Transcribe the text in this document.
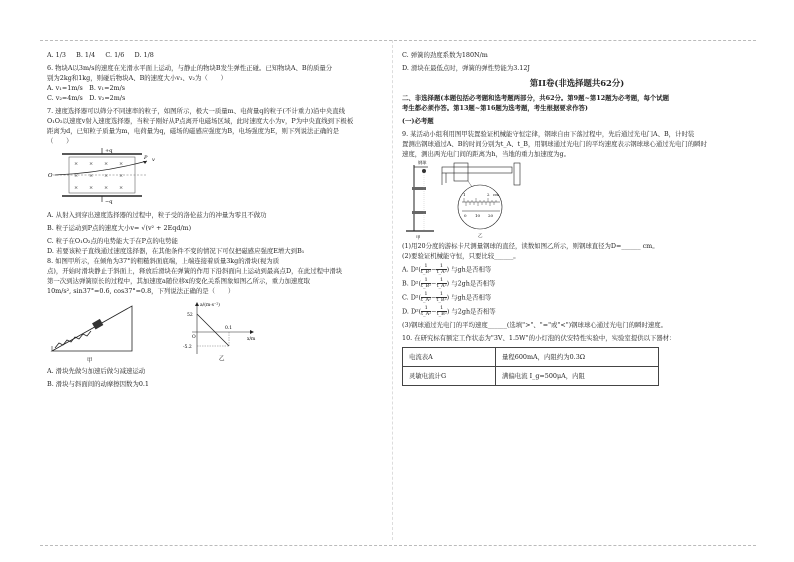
A. 1/3 B. 1/4 C. 1/6 D. 1/8
6. 物块A以3m/s的速度在光滑水平面上运动，与静止的物块B发生弹性正碰。已知物块A、B的质量分
别为2kg和1kg，则碰后物块A、B的速度大小v₁、v₂为（　　）
A. v₁=1m/s　B. v₁=2m/s
C. v₂=4m/s　D. v₂=2m/s
7. 速度选择器可以筛分不同速率的粒子，如图所示，极大一质量m、电荷量q的粒子(不计重力)沿中央直线
O₁O₂以速度v射入速度选择器，当粒子刚好从P点离开电磁场区域，此时速度大小为v，P为中央直线到下极板
距离为d，已知粒子质量为m，电荷量为q，磁场的磁感应强度为B，电场强度为E，则下列说法正确的是
（　　）
+q
−q
× × × ×
× × × ×
× × × ×
O
P v
A. 从射入到穿出速度选择器的过程中，粒子受的洛伦兹力的冲量为零且不做功
B. 粒子运动到P点的速度大小v= √(v² + 2Eqd/m)
C. 粒子在O₁O₂点的电势能大于在P点的电势能
D. 若要该粒子直线通过速度选择器，在其他条件不变的情况下可仅把磁感应强度E增大到B₁
8. 如图甲所示，在倾角为37°的粗糙斜面底端，上端连接着质量3kg的滑块(视为质
点)，开始时滑块静止于斜面上，释放后滑块在弹簧的作用下沿斜面向上运动到最高点D，在此过程中滑块
第一次到达弹簧原长的过程中，其加速度a随位移x的变化关系图象如图乙所示，重力加速度取
10m/s², sin37°=0.6, cos37°=0.8，下列说法正确的是（　　）
甲
a/(m·s⁻²)
x/m
52
-5.2
0.1
O
乙
A. 滑块先做匀加速后做匀减速运动
B. 滑块与斜面间的动摩擦因数为0.1
C. 弹簧的劲度系数为180N/m
D. 滑块在最低点时，弹簧的弹性势能为3.12J
第II卷(非选择题共62分)
二、非选择题(本题包括必考题和选考题两部分，共62分。第9题~第12题为必考题，每个试题
考生都必须作答。第13题~第16题为选考题，考生根据要求作答)
(一)必考题
9. 某活动小组利用图甲装置验证机械能守恒定律，钢球自由下落过程中，先后通过光电门A、B，计时装
置测出钢球通过A、B的时间分别为t_A、t_B，用钢球通过光电门的平均速度表示钢球球心通过光电门的瞬时
速度，测出两光电门间的距离为h，当地的重力加速度为g。
钢球
甲
1	2 cm
0 10 20
乙
(1)用20分度的游标卡尺测量钢球的直径，读数如图乙所示，则钢球直径为D=______ cm。
(2)要验证机械能守恒，只要比较______。
A. $D^2( \frac{1}{\text{t\_B²}} - \frac{1}{\text{t\_A²}}$ ) 与gh是否相等
B. $D^2( \frac{1}{\text{t\_B²}} - \frac{1}{\text{t\_A²}}$ ) 与2gh是否相等
C. $D^2( \frac{1}{\text{t\_A²}} - \frac{1}{\text{t\_B²}}$ ) 与gh是否相等
D. $D^2( \frac{1}{\text{t\_A²}} - \frac{1}{\text{t\_B²}}$ ) 与2gh是否相等
(3)钢球通过光电门的平均速度______(选填">"、"="或"<")钢球球心通过光电门的瞬时速度。
10. 在研究标有额定工作状态为"3V、1.5W"的小灯泡的伏安特性实验中，实验室提供以下器材：
电流表A	量程600mA，内阻约为0.3Ω
灵敏电流计G	满偏电流 I_g=500μA，内阻
